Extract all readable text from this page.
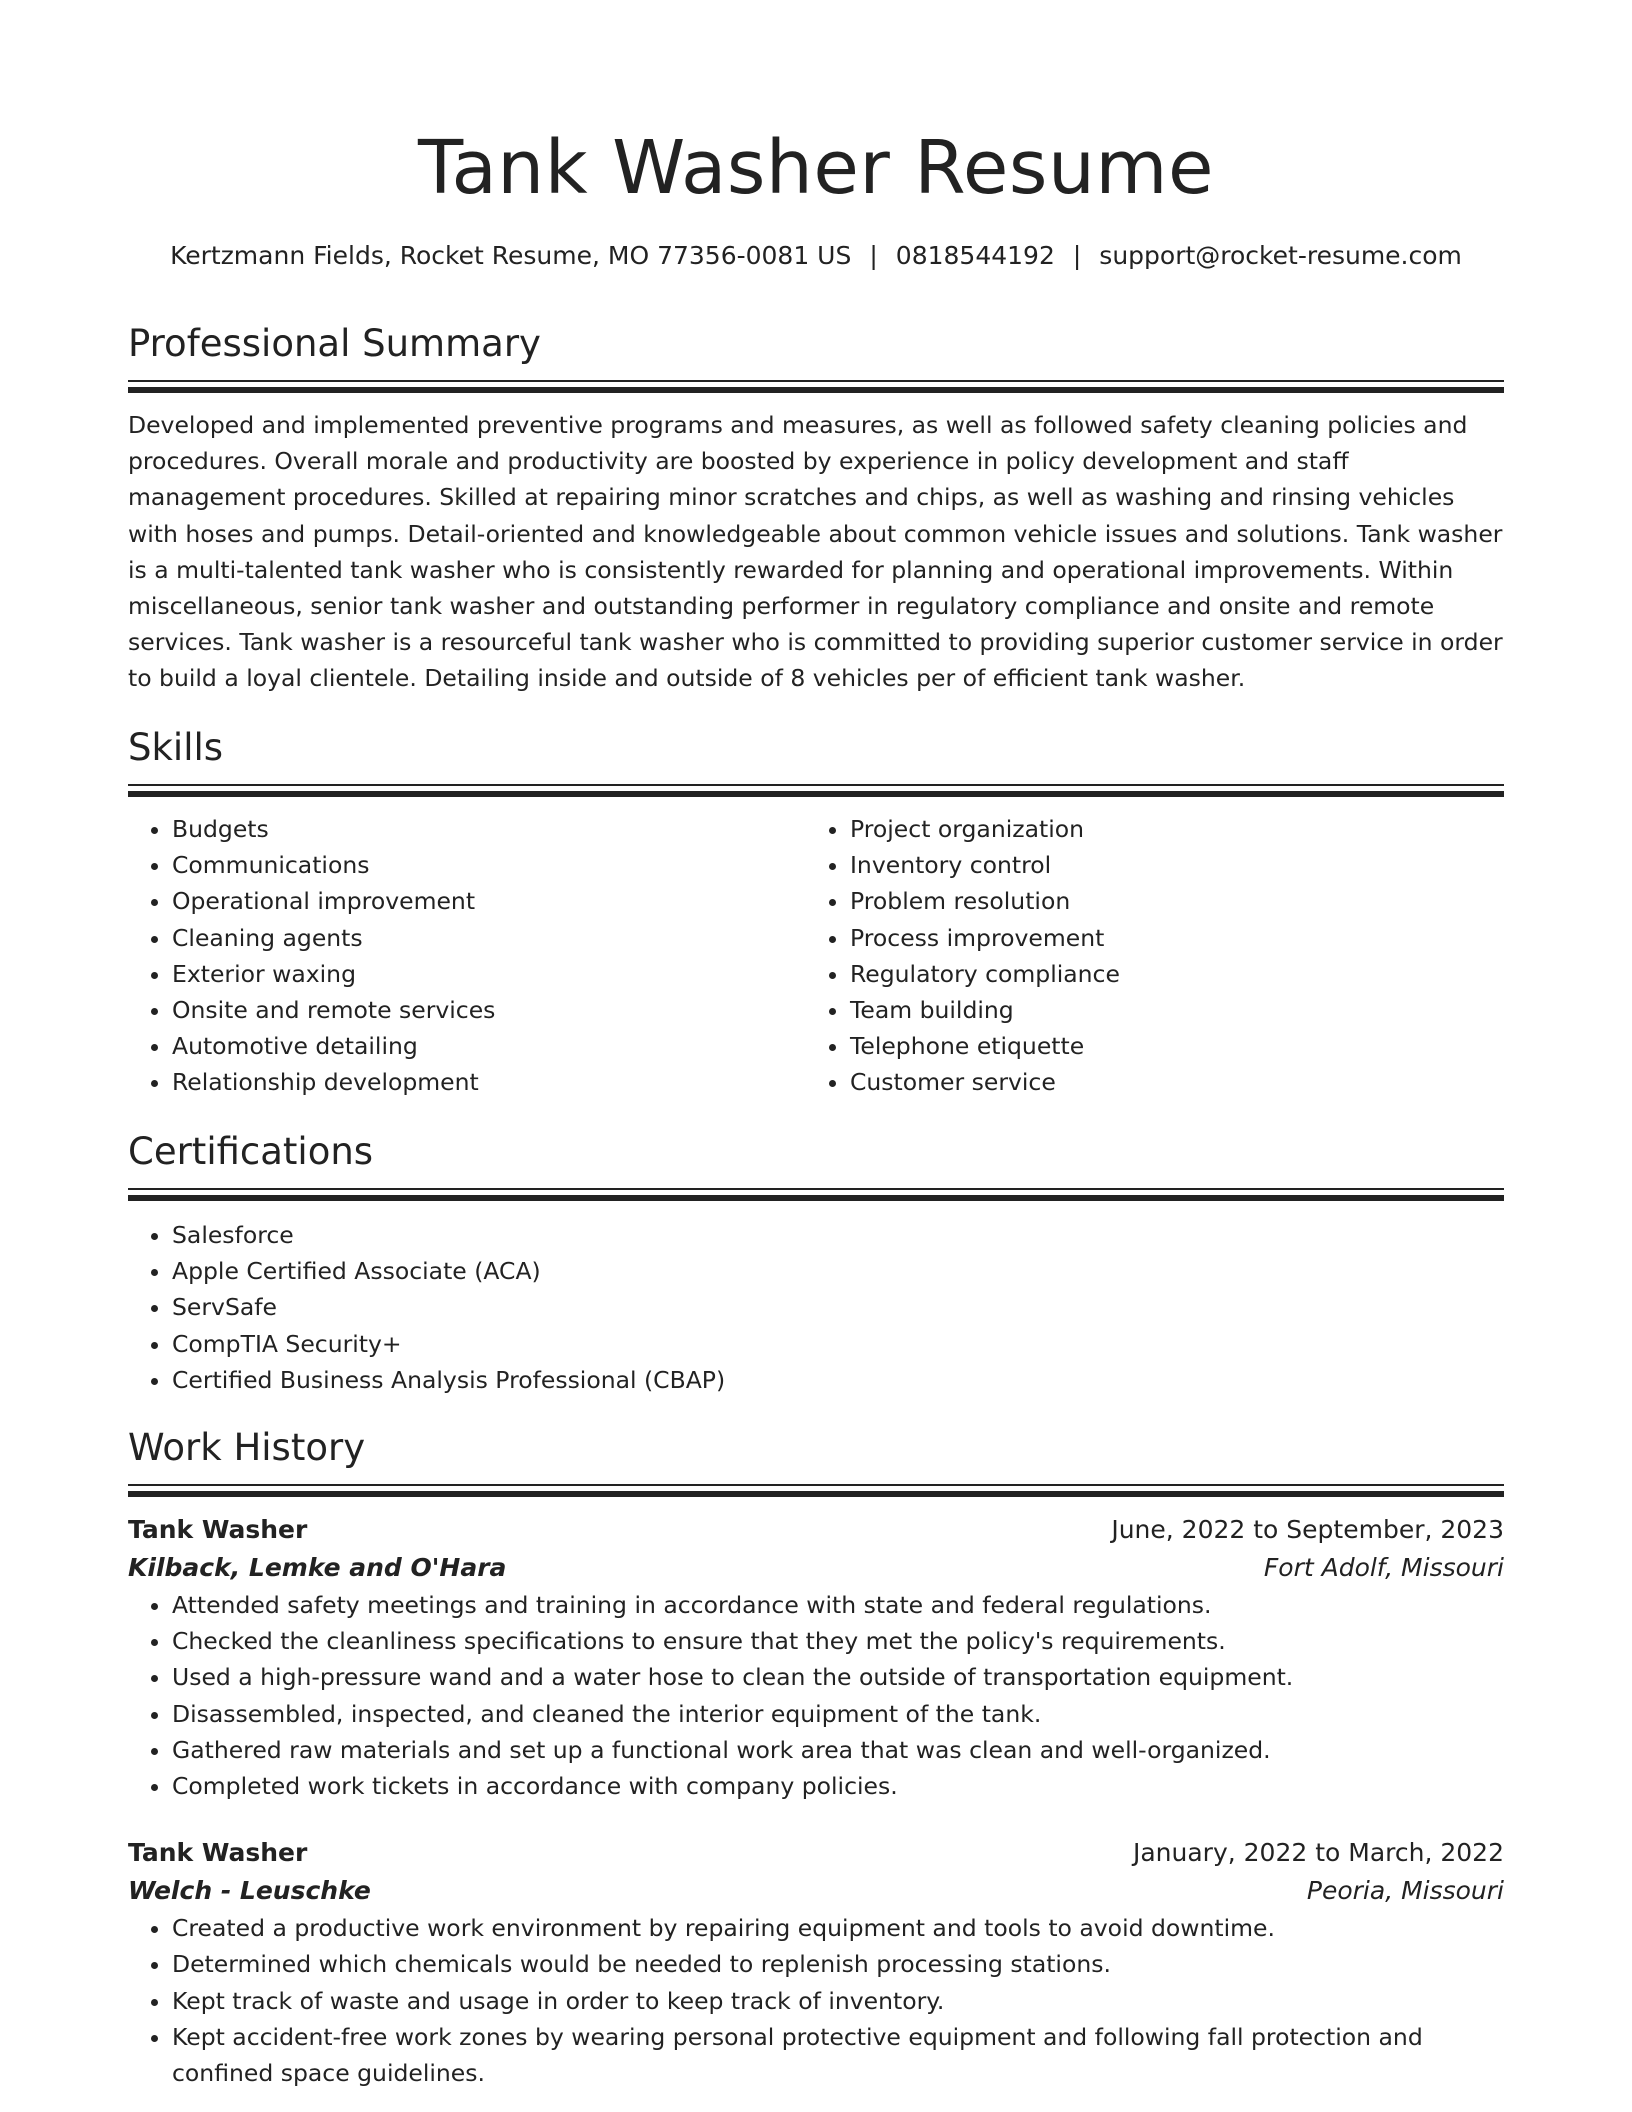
Tank Washer Resume
Kertzmann Fields, Rocket Resume, MO 77356-0081 US | 0818544192 | support@rocket-resume.com
Professional Summary

Developed and implemented preventive programs and measures, as well as followed safety cleaning policies and procedures. Overall morale and productivity are boosted by experience in policy development and staff management procedures. Skilled at repairing minor scratches and chips, as well as washing and rinsing vehicles with hoses and pumps. Detail-oriented and knowledgeable about common vehicle issues and solutions. Tank washer is a multi-talented tank washer who is consistently rewarded for planning and operational improvements. Within miscellaneous, senior tank washer and outstanding performer in regulatory compliance and onsite and remote services. Tank washer is a resourceful tank washer who is committed to providing superior customer service in order to build a loyal clientele. Detailing inside and outside of 8 vehicles per of efficient tank washer.

Skills
• Budgets
• Communications
• Operational improvement
• Cleaning agents
• Exterior waxing
• Onsite and remote services
• Automotive detailing
• Relationship development
• Project organization
• Inventory control
• Problem resolution
• Process improvement
• Regulatory compliance
• Team building
• Telephone etiquette
• Customer service
Certifications
• Salesforce
• Apple Certified Associate (ACA)
• ServSafe
• CompTIA Security+
• Certified Business Analysis Professional (CBAP)
Work History
Tank Washer	June, 2022 to September, 2023
Kilback, Lemke and O'Hara	Fort Adolf, Missouri
• Attended safety meetings and training in accordance with state and federal regulations.
• Checked the cleanliness specifications to ensure that they met the policy's requirements.
• Used a high-pressure wand and a water hose to clean the outside of transportation equipment.
• Disassembled, inspected, and cleaned the interior equipment of the tank.
• Gathered raw materials and set up a functional work area that was clean and well-organized.
• Completed work tickets in accordance with company policies.
Tank Washer	January, 2022 to March, 2022
Welch - Leuschke	Peoria, Missouri
• Created a productive work environment by repairing equipment and tools to avoid downtime.
• Determined which chemicals would be needed to replenish processing stations.
• Kept track of waste and usage in order to keep track of inventory.
• Kept accident-free work zones by wearing personal protective equipment and following fall protection and confined space guidelines.
